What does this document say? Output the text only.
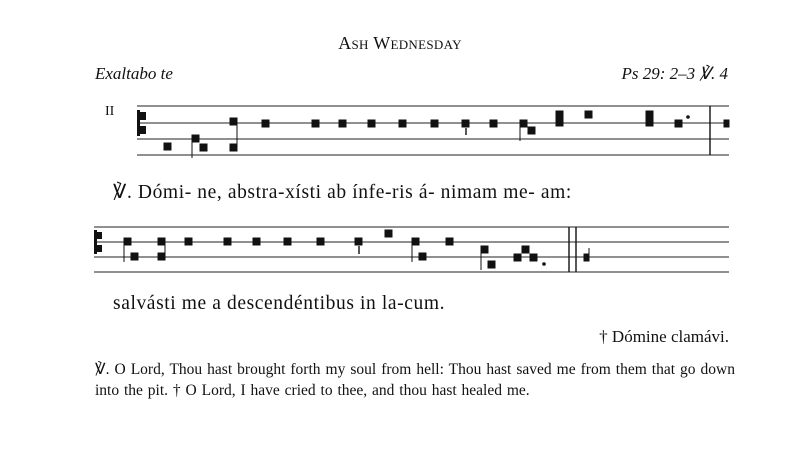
Ash Wednesday
Exaltabo te	Ps 29: 2–3 ℣. 4
II
℣. Dómi- ne, abstra-xísti ab ínfe-ris á- nimam me- am:
salvásti me a descendéntibus in la-cum.
† Dómine clamávi.
℣. O Lord, Thou hast brought forth my soul from hell: Thou hast saved me from them that go down into the pit. † O Lord, I have cried to thee, and thou hast healed me.
